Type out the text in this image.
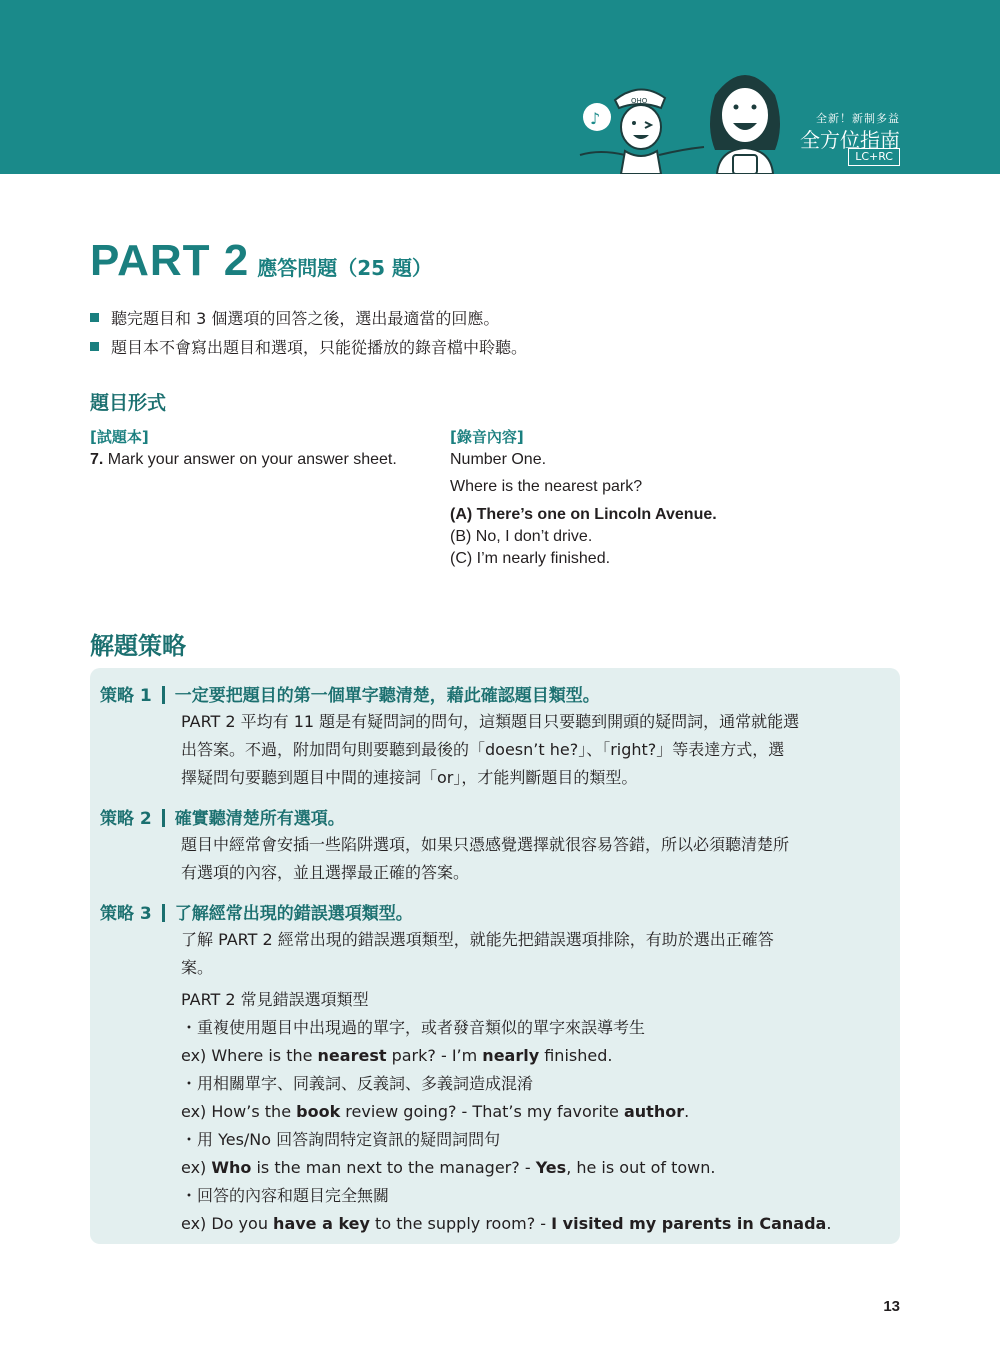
♪
OHO
全新！新制多益
全方位指南
LC+RC
PART 2 應答問題（25 題）
聽完題目和 3 個選項的回答之後，選出最適當的回應。
題目本不會寫出題目和選項，只能從播放的錄音檔中聆聽。
題目形式
[試題本]
7. Mark your answer on your answer sheet.
[錄音內容]
Number One.
Where is the nearest park?
(A) There’s one on Lincoln Avenue.
(B) No, I don’t drive.
(C) I’m nearly finished.
解題策略
策略 1 一定要把題目的第一個單字聽清楚，藉此確認題目類型。
PART 2 平均有 11 題是有疑問詞的問句，這類題目只要聽到開頭的疑問詞，通常就能選
出答案。不過，附加問句則要聽到最後的「doesn’t he?」、「right?」等表達方式，選
擇疑問句要聽到題目中間的連接詞「or」，才能判斷題目的類型。
策略 2 確實聽清楚所有選項。
題目中經常會安插一些陷阱選項，如果只憑感覺選擇就很容易答錯，所以必須聽清楚所
有選項的內容，並且選擇最正確的答案。
策略 3 了解經常出現的錯誤選項類型。
了解 PART 2 經常出現的錯誤選項類型，就能先把錯誤選項排除，有助於選出正確答
案。
PART 2 常見錯誤選項類型
・重複使用題目中出現過的單字，或者發音類似的單字來誤導考生
ex) Where is the nearest park? - I’m nearly finished.
・用相關單字、同義詞、反義詞、多義詞造成混淆
ex) How’s the book review going? - That’s my favorite author.
・用 Yes/No 回答詢問特定資訊的疑問詞問句
ex) Who is the man next to the manager? - Yes, he is out of town.
・回答的內容和題目完全無關
ex) Do you have a key to the supply room? - I visited my parents in Canada.
13
